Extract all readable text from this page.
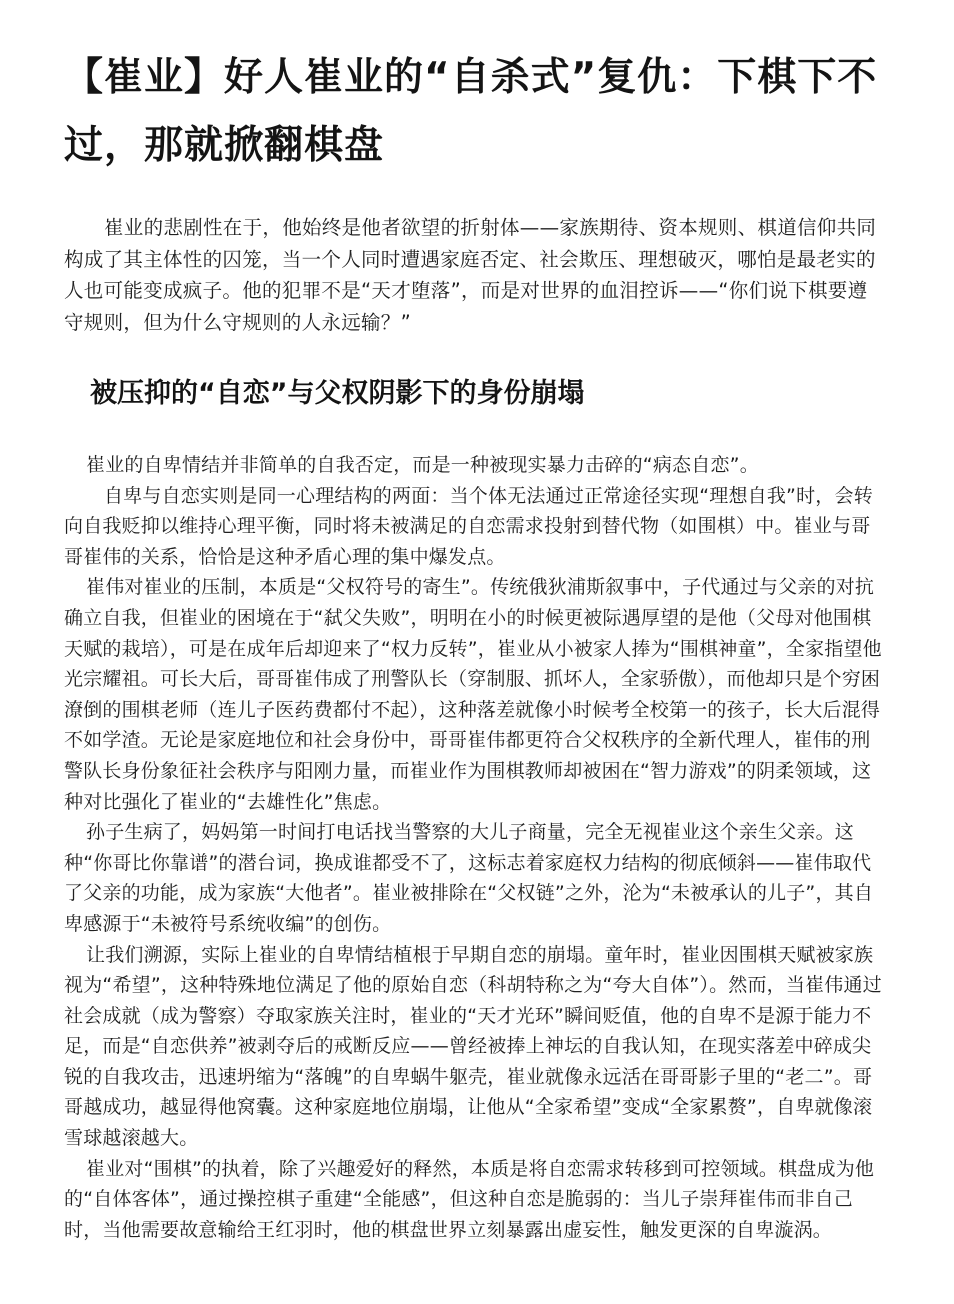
【崔业】好人崔业的“自杀式”复仇：下棋下不过，那就掀翻棋盘

崔业的悲剧性在于，他始终是他者欲望的折射体——家族期待、资本规则、棋道信仰共同构成了其主体性的囚笼，当一个人同时遭遇家庭否定、社会欺压、理想破灭，哪怕是最老实的人也可能变成疯子。他的犯罪不是“天才堕落”，而是对世界的血泪控诉——“你们说下棋要遵守规则，但为什么守规则的人永远输？”

被压抑的“自恋”与父权阴影下的身份崩塌

崔业的自卑情结并非简单的自我否定，而是一种被现实暴力击碎的“病态自恋”。

自卑与自恋实则是同一心理结构的两面：当个体无法通过正常途径实现“理想自我”时，会转向自我贬抑以维持心理平衡，同时将未被满足的自恋需求投射到替代物（如围棋）中。崔业与哥哥崔伟的关系，恰恰是这种矛盾心理的集中爆发点。

崔伟对崔业的压制，本质是“父权符号的寄生”。传统俄狄浦斯叙事中，子代通过与父亲的对抗确立自我，但崔业的困境在于“弑父失败”，明明在小的时候更被际遇厚望的是他（父母对他围棋天赋的栽培），可是在成年后却迎来了“权力反转”，崔业从小被家人捧为“围棋神童”，全家指望他光宗耀祖。可长大后，哥哥崔伟成了刑警队长（穿制服、抓坏人，全家骄傲），而他却只是个穷困潦倒的围棋老师（连儿子医药费都付不起），这种落差就像小时候考全校第一的孩子，长大后混得不如学渣。无论是家庭地位和社会身份中，哥哥崔伟都更符合父权秩序的全新代理人，崔伟的刑警队长身份象征社会秩序与阳刚力量，而崔业作为围棋教师却被困在“智力游戏”的阴柔领域，这种对比强化了崔业的“去雄性化”焦虑。

孙子生病了，妈妈第一时间打电话找当警察的大儿子商量，完全无视崔业这个亲生父亲。这种“你哥比你靠谱”的潜台词，换成谁都受不了，这标志着家庭权力结构的彻底倾斜——崔伟取代了父亲的功能，成为家族“大他者”。崔业被排除在“父权链”之外，沦为“未被承认的儿子”，其自卑感源于“未被符号系统收编”的创伤。

让我们溯源，实际上崔业的自卑情结植根于早期自恋的崩塌。童年时，崔业因围棋天赋被家族视为“希望”，这种特殊地位满足了他的原始自恋（科胡特称之为“夸大自体”）。然而，当崔伟通过社会成就（成为警察）夺取家族关注时，崔业的“天才光环”瞬间贬值，他的自卑不是源于能力不足，而是“自恋供养”被剥夺后的戒断反应——曾经被捧上神坛的自我认知，在现实落差中碎成尖锐的自我攻击，迅速坍缩为“落魄”的自卑蜗牛躯壳，崔业就像永远活在哥哥影子里的“老二”。哥哥越成功，越显得他窝囊。这种家庭地位崩塌，让他从“全家希望”变成“全家累赘”，自卑就像滚雪球越滚越大。

崔业对“围棋”的执着，除了兴趣爱好的释然，本质是将自恋需求转移到可控领域。棋盘成为他的“自体客体”，通过操控棋子重建“全能感”，但这种自恋是脆弱的：当儿子崇拜崔伟而非自己时，当他需要故意输给王红羽时，他的棋盘世界立刻暴露出虚妄性，触发更深的自卑漩涡。
